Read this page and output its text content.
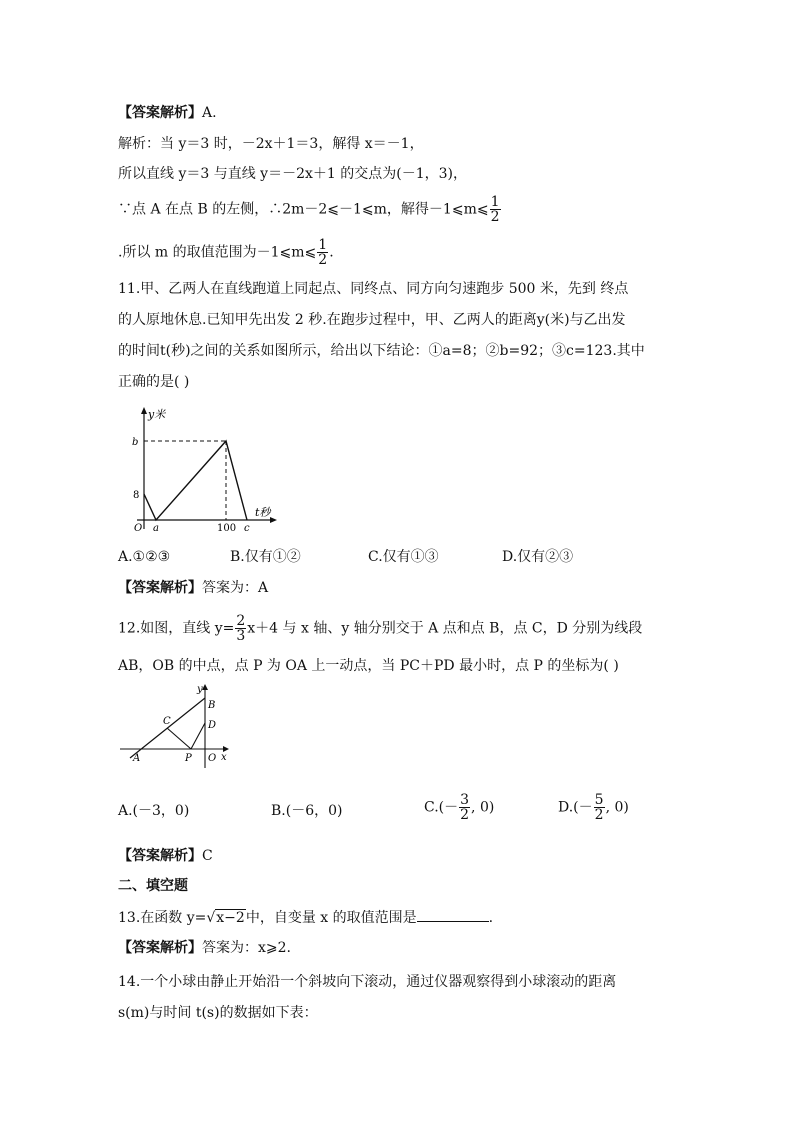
【答案解析】A.
解析：当 y＝3 时，－2x＋1＝3，解得 x＝－1，
所以直线 y＝3 与直线 y＝－2x＋1 的交点为(－1，3)，
∵点 A 在点 B 的左侧，∴2m－2⩽－1⩽m，解得－1⩽m⩽ $\frac{1}{2}$
.所以 m 的取值范围为－1⩽m⩽ $\frac{1}{2}$ .
11.甲、乙两人在直线跑道上同起点、同终点、同方向匀速跑步 500 米，先到 终点
的人原地休息.已知甲先出发 2 秒.在跑步过程中，甲、乙两人的距离y(米)与乙出发
的时间t(秒)之间的关系如图所示，给出以下结论：①a=8；②b=92；③c=123.其中
正确的是( )
y米
b
8
O a	100 c
t秒
A.①②③	B.仅有①②	C.仅有①③	D.仅有②③
【答案解析】答案为：A
12.如图，直线 $y= \frac{2}{3} x+4$ 与 x 轴、y 轴分别交于 A 点和点 B，点 C，D 分别为线段
AB，OB 的中点，点 P 为 OA 上一动点，当 PC＋PD 最小时，点 P 的坐标为( )
y
B
C	D
A	P O x
A.(－3，0)	B.(－6，0)	$C.(- \frac{3}{2}$ , 0)	$D.(- \frac{5}{2}$ , 0)
【答案解析】C
二、填空题
13.在函数 y=√x−2中，自变量 x 的取值范围是	.
【答案解析】答案为：x⩾2.
14.一个小球由静止开始沿一个斜坡向下滚动，通过仪器观察得到小球滚动的距离
s(m)与时间 t(s)的数据如下表：
